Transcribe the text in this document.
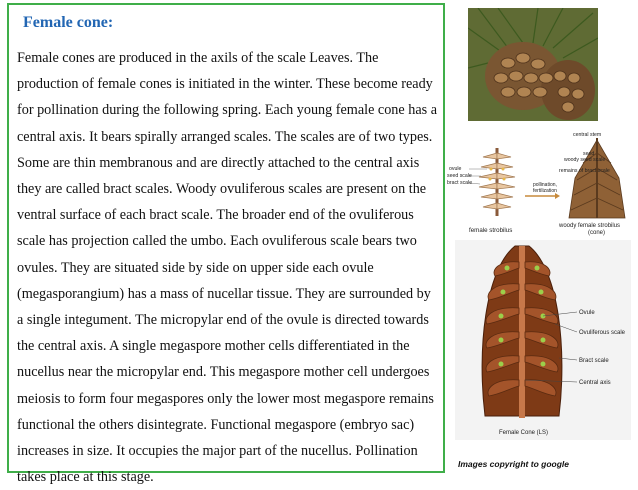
Female cone:

Female cones are produced in the axils of the scale Leaves. The
production of female cones is initiated in the winter. These become ready
for pollination during the following spring. Each young female cone has a
central axis. It bears spirally arranged scales. The scales are of two types.
Some are thin membranous and are directly attached to the central axis
they are called bract scales. Woody ovuliferous scales are present on the
ventral surface of each bract scale. The broader end of the ovuliferous
scale has projection called the umbo. Each ovuliferous scale bears two
ovules. They are situated side by side on upper side each ovule
(megasporangium) has a mass of nucellar tissue. They are surrounded by
a single integument. The micropylar end of the ovule is directed towards
the central axis. A single megaspore mother cells differentiated in the
nucellus near the micropylar end. This megaspore mother cell undergoes
meiosis to form four megaspores only the lower most megaspore remains
functional the others disintegrate. Functional megaspore (embryo sac)
increases in size. It occupies the major part of the nucellus. Pollination
takes place at this stage.

ovule
seed scale
bract scale	pollination,
fertilization
central stem
seed
woody seed scale
remains of bract scale
female strobilus
woody female strobilus
(cone)
Ovule
Ovuliferous scale
Bract scale
Central axis
Female Cone (LS)
Images copyright to google
